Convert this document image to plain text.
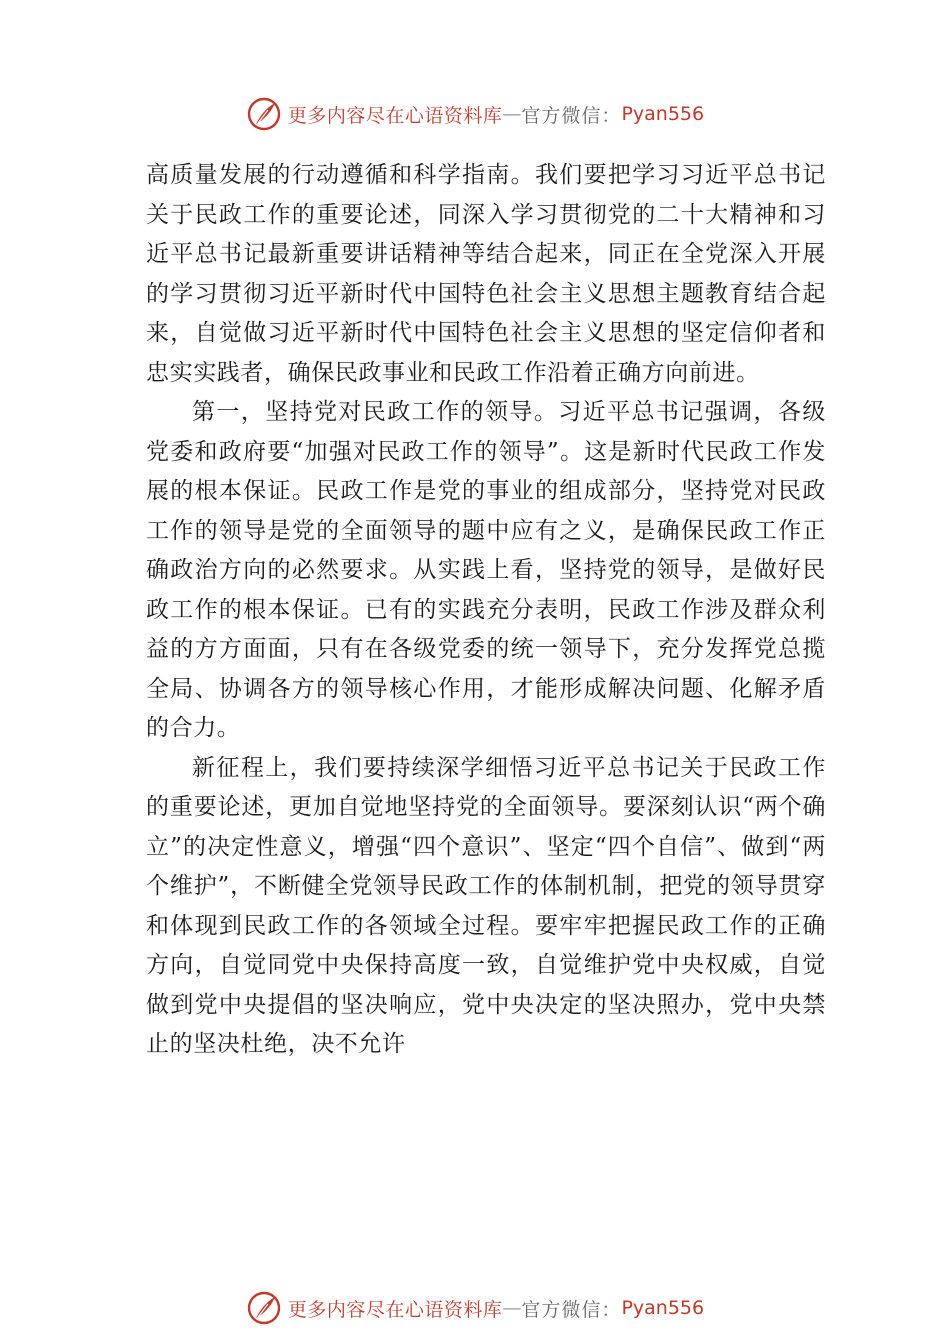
更多内容尽在心语资料库 — 官方微信： Pyan556

高质量发展的行动遵循和科学指南。我们要把学习习近平总书记关于民政工作的重要论述，同深入学习贯彻党的二十大精神和习近平总书记最新重要讲话精神等结合起来，同正在全党深入开展的学习贯彻习近平新时代中国特色社会主义思想主题教育结合起来，自觉做习近平新时代中国特色社会主义思想的坚定信仰者和忠实实践者，确保民政事业和民政工作沿着正确方向前进。

第一，坚持党对民政工作的领导。习近平总书记强调，各级党委和政府要“加强对民政工作的领导”。这是新时代民政工作发展的根本保证。民政工作是党的事业的组成部分，坚持党对民政工作的领导是党的全面领导的题中应有之义，是确保民政工作正确政治方向的必然要求。从实践上看，坚持党的领导，是做好民政工作的根本保证。已有的实践充分表明，民政工作涉及群众利益的方方面面，只有在各级党委的统一领导下，充分发挥党总揽全局、协调各方的领导核心作用，才能形成解决问题、化解矛盾的合力。

新征程上，我们要持续深学细悟习近平总书记关于民政工作的重要论述，更加自觉地坚持党的全面领导。要深刻认识“两个确立”的决定性意义，增强“四个意识”、坚定“四个自信”、做到“两个维护”，不断健全党领导民政工作的体制机制，把党的领导贯穿和体现到民政工作的各领域全过程。要牢牢把握民政工作的正确方向，自觉同党中央保持高度一致，自觉维护党中央权威，自觉做到党中央提倡的坚决响应，党中央决定的坚决照办，党中央禁止的坚决杜绝，决不允许

更多内容尽在心语资料库 — 官方微信： Pyan556
